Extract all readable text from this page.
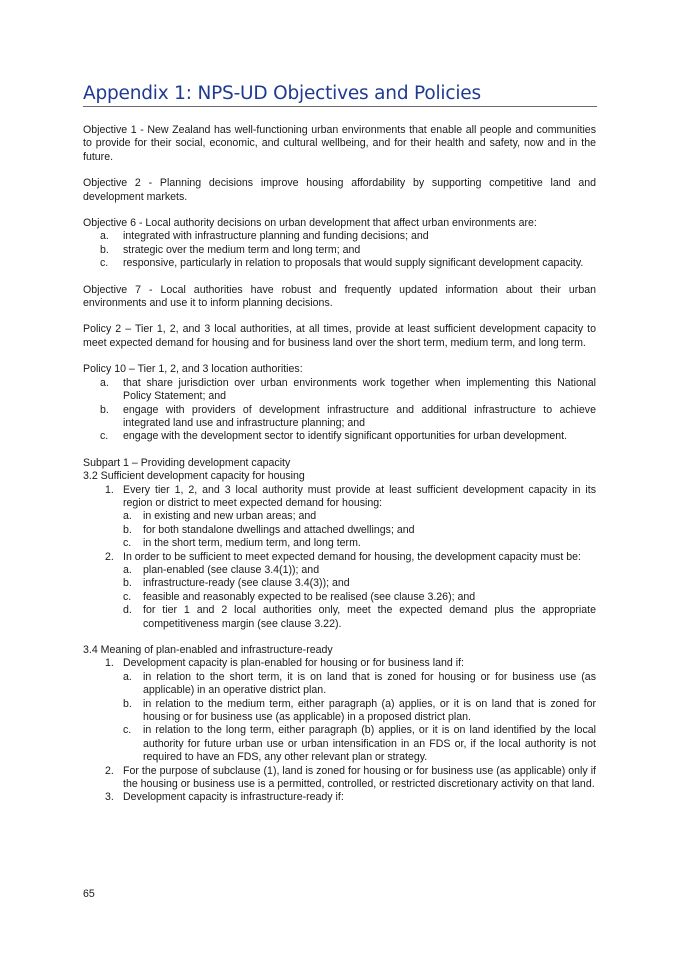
Appendix 1: NPS-UD Objectives and Policies

Objective 1 - New Zealand has well-functioning urban environments that enable all people and communities to provide for their social, economic, and cultural wellbeing, and for their health and safety, now and in the future.

Objective 2 - Planning decisions improve housing affordability by supporting competitive land and development markets.

Objective 6 - Local authority decisions on urban development that affect urban environments are:

a.	integrated with infrastructure planning and funding decisions; and
b.	strategic over the medium term and long term; and
c.	responsive, particularly in relation to proposals that would supply significant development capacity.

Objective 7 - Local authorities have robust and frequently updated information about their urban environments and use it to inform planning decisions.

Policy 2 – Tier 1, 2, and 3 local authorities, at all times, provide at least sufficient development capacity to meet expected demand for housing and for business land over the short term, medium term, and long term.

Policy 10 – Tier 1, 2, and 3 location authorities:

a.	that share jurisdiction over urban environments work together when implementing this National Policy Statement; and
b.	engage with providers of development infrastructure and additional infrastructure to achieve integrated land use and infrastructure planning; and
c.	engage with the development sector to identify significant opportunities for urban development.

Subpart 1 – Providing development capacity

3.2 Sufficient development capacity for housing

1. Every tier 1, 2, and 3 local authority must provide at least sufficient development capacity in its region or district to meet expected demand for housing:
a.	in existing and new urban areas; and
b.	for both standalone dwellings and attached dwellings; and
c.	in the short term, medium term, and long term.
2. In order to be sufficient to meet expected demand for housing, the development capacity must be:
a.	plan-enabled (see clause 3.4(1)); and
b.	infrastructure-ready (see clause 3.4(3)); and
c.	feasible and reasonably expected to be realised (see clause 3.26); and
d.	for tier 1 and 2 local authorities only, meet the expected demand plus the appropriate competitiveness margin (see clause 3.22).

3.4 Meaning of plan-enabled and infrastructure-ready

1. Development capacity is plan-enabled for housing or for business land if:
a.	in relation to the short term, it is on land that is zoned for housing or for business use (as applicable) in an operative district plan.
b.	in relation to the medium term, either paragraph (a) applies, or it is on land that is zoned for housing or for business use (as applicable) in a proposed district plan.
c.	in relation to the long term, either paragraph (b) applies, or it is on land identified by the local authority for future urban use or urban intensification in an FDS or, if the local authority is not required to have an FDS, any other relevant plan or strategy.
2. For the purpose of subclause (1), land is zoned for housing or for business use (as applicable) only if the housing or business use is a permitted, controlled, or restricted discretionary activity on that land.
3. Development capacity is infrastructure-ready if:
65
